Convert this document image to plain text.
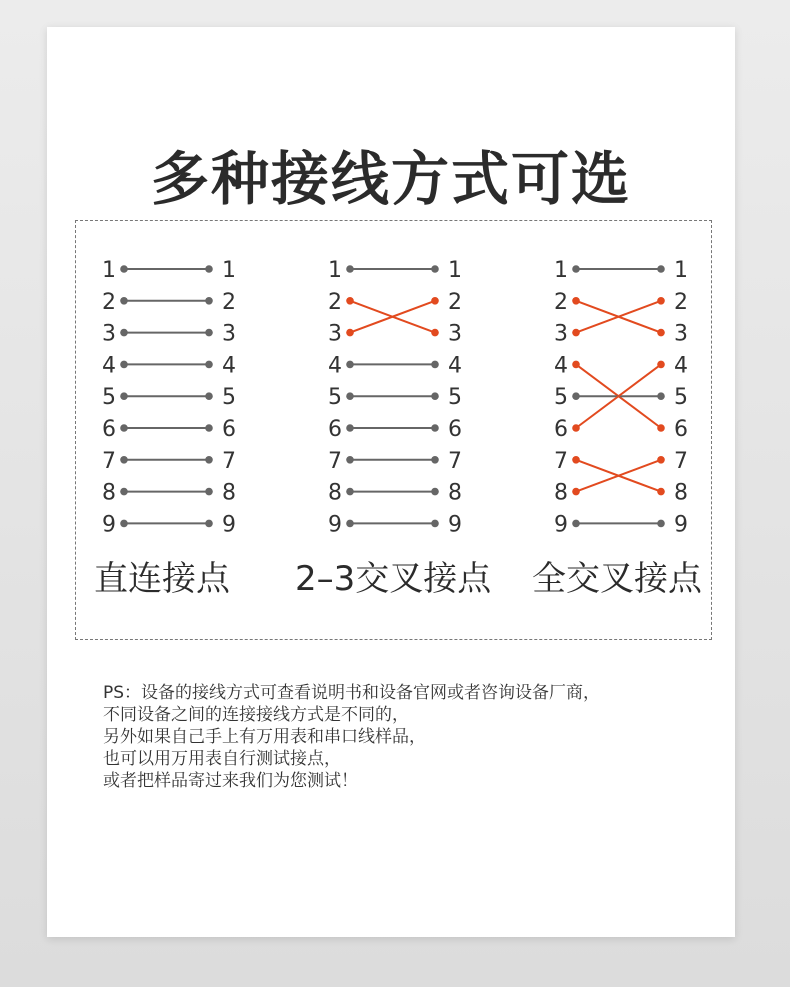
多种接线方式可选
1	1
2	2
3	3
4	4
5	5
6	6
7	7
8	8
9	9
1	1
2	2
3	3
4	4
5	5
6	6
7	7
8	8
9	9
1	1
2	2
3	3
4	4
5	5
6	6
7	7
8	8
9	9
直连接点 2–3交叉接点 全交叉接点
PS：设备的接线方式可查看说明书和设备官网或者咨询设备厂商，
不同设备之间的连接接线方式是不同的，
另外如果自己手上有万用表和串口线样品，
也可以用万用表自行测试接点，
或者把样品寄过来我们为您测试！
